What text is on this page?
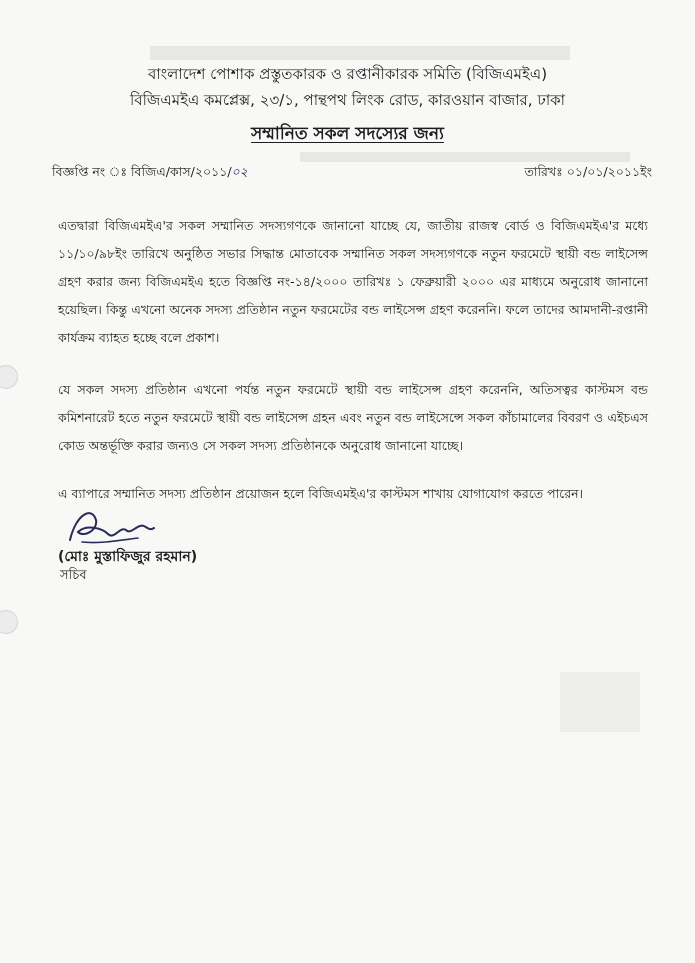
বাংলাদেশ পোশাক প্রস্তুতকারক ও রপ্তানীকারক সমিতি (বিজিএমইএ)
বিজিএমইএ কমপ্লেক্স, ২৩/১, পান্থপথ লিংক রোড, কারওয়ান বাজার, ঢাকা
সম্মানিত সকল সদস্যের জন্য
বিজ্ঞপ্তি নং ঃ বিজিএ/কাস/২০১১/০২	তারিখঃ ০১/০১/২০১১ইং
এতদ্বারা বিজিএমইএ'র সকল সম্মানিত সদস্যগণকে জানানো যাচ্ছে যে, জাতীয় রাজস্ব বোর্ড ও বিজিএমইএ'র মধ্যে ১১/১০/৯৮ইং তারিখে অনুষ্ঠিত সভার সিদ্ধান্ত মোতাবেক সম্মানিত সকল সদস্যগণকে নতুন ফরমেটে স্থায়ী বন্ড লাইসেন্স গ্রহণ করার জন্য বিজিএমইএ হতে বিজ্ঞপ্তি নং-১৪/২০০০ তারিখঃ ১ ফেব্রুয়ারী ২০০০ এর মাধ্যমে অনুরোধ জানানো হয়েছিল। কিন্তু এখনো অনেক সদস্য প্রতিষ্ঠান নতুন ফরমেটের বন্ড লাইসেন্স গ্রহণ করেননি। ফলে তাদের আমদানী-রপ্তানী কার্যক্রম ব্যাহত হচ্ছে বলে প্রকাশ।
যে সকল সদস্য প্রতিষ্ঠান এখনো পর্যন্ত নতুন ফরমেটে স্থায়ী বন্ড লাইসেন্স গ্রহণ করেননি, অতিসত্বর কাস্টমস বন্ড কমিশনারেট হতে নতুন ফরমেটে স্থায়ী বন্ড লাইসেন্স গ্রহন এবং নতুন বন্ড লাইসেন্সে সকল কাঁচামালের বিবরণ ও এইচএস কোড অন্তর্ভূক্তি করার জন্যও সে সকল সদস্য প্রতিষ্ঠানকে অনুরোধ জানানো যাচ্ছে।
এ ব্যাপারে সম্মানিত সদস্য প্রতিষ্ঠান প্রয়োজন হলে বিজিএমইএ'র কাস্টমস শাখায় যোগাযোগ করতে পারেন।
(মোঃ মুস্তাফিজুর রহমান)
সচিব
